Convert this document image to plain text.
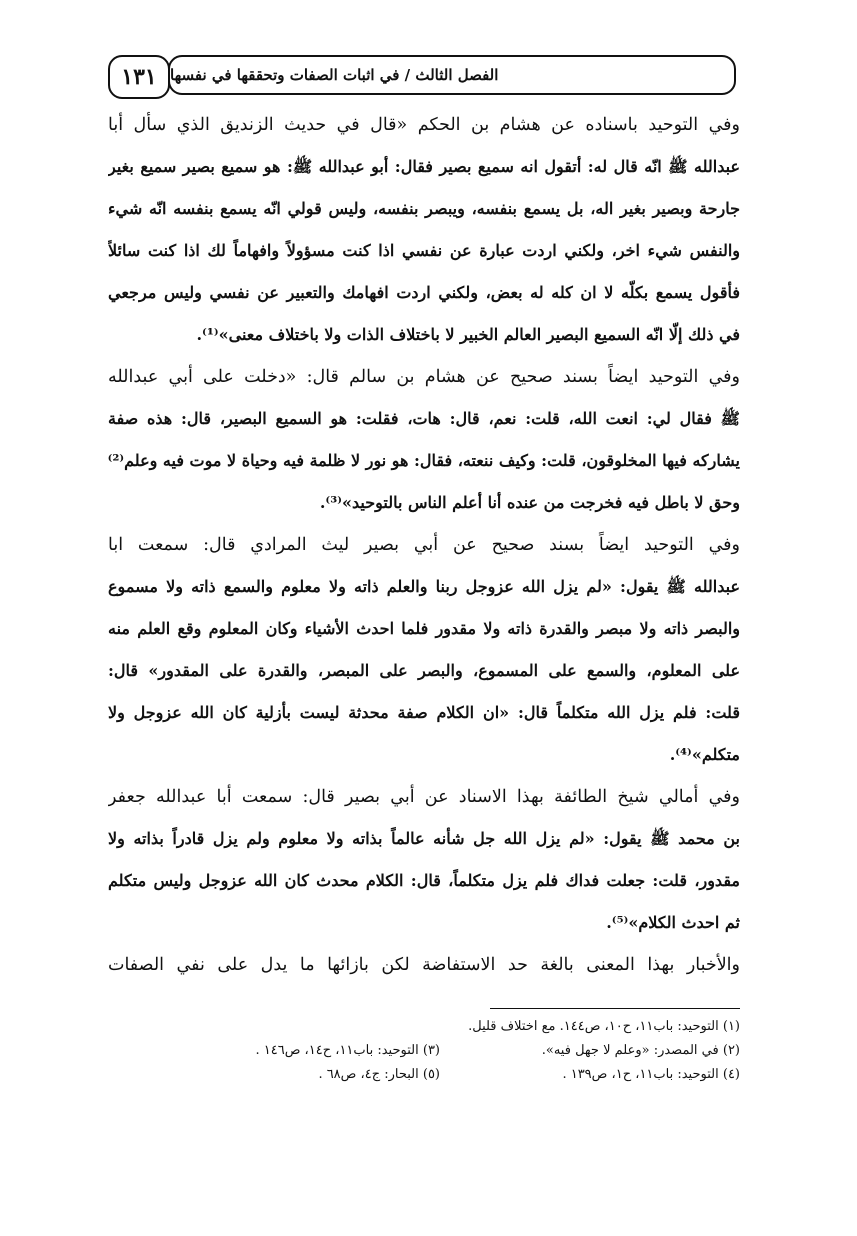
١٣١ الفصل الثالث / في اثبات الصفات وتحققها في نفسها
وفي التوحيد باسناده عن هشام بن الحكم «قال في حديث الزنديق الذي سأل أبا
عبدالله ﷺ انّه قال له: أتقول انه سميع بصير فقال: أبو عبدالله ﷺ: هو سميع بصير سميع بغير
جارحة وبصير بغير اله، بل يسمع بنفسه، ويبصر بنفسه، وليس قولي انّه يسمع بنفسه انّه شيء
والنفس شيء اخر، ولكني اردت عبارة عن نفسي اذا كنت مسؤولاً وافهاماً لك اذا كنت سائلاً
فأقول يسمع بكلّه لا ان كله له بعض، ولكني اردت افهامك والتعبير عن نفسي وليس مرجعي
في ذلك إلّا انّه السميع البصير العالم الخبير لا باختلاف الذات ولا باختلاف معنى»⁽¹⁾.
وفي التوحيد ايضاً بسند صحيح عن هشام بن سالم قال: «دخلت على أبي عبدالله
ﷺ فقال لي: انعت الله، قلت: نعم، قال: هات، فقلت: هو السميع البصير، قال: هذه صفة
يشاركه فيها المخلوقون، قلت: وكيف ننعته، فقال: هو نور لا ظلمة فيه وحياة لا موت فيه وعلم⁽²⁾
وحق لا باطل فيه فخرجت من عنده أنا أعلم الناس بالتوحيد»⁽³⁾.
وفي التوحيد ايضاً بسند صحيح عن أبي بصير ليث المرادي قال: سمعت ابا
عبدالله ﷺ يقول: «لم يزل الله عزوجل ربنا والعلم ذاته ولا معلوم والسمع ذاته ولا مسموع
والبصر ذاته ولا مبصر والقدرة ذاته ولا مقدور فلما احدث الأشياء وكان المعلوم وقع العلم منه
على المعلوم، والسمع على المسموع، والبصر على المبصر، والقدرة على المقدور» قال:
قلت: فلم يزل الله متكلماً قال: «ان الكلام صفة محدثة ليست بأزلية كان الله عزوجل ولا
متكلم»⁽⁴⁾.
وفي أمالي شيخ الطائفة بهذا الاسناد عن أبي بصير قال: سمعت أبا عبدالله جعفر
بن محمد ﷺ يقول: «لم يزل الله جل شأنه عالماً بذاته ولا معلوم ولم يزل قادراً بذاته ولا
مقدور، قلت: جعلت فداك فلم يزل متكلماً، قال: الكلام محدث كان الله عزوجل وليس متكلم
ثم احدث الكلام»⁽⁵⁾.
والأخبار بهذا المعنى بالغة حد الاستفاضة لكن بازائها ما يدل على نفي الصفات
(١) التوحيد: باب١١، ح١٠، ص١٤٤. مع اختلاف قليل.
(٢) في المصدر: «وعلم لا جهل فيه».
(٣) التوحيد: باب١١، ح١٤، ص١٤٦ .
(٤) التوحيد: باب١١، ح١، ص١٣٩ .
(٥) البحار: ج٤، ص٦٨ .
